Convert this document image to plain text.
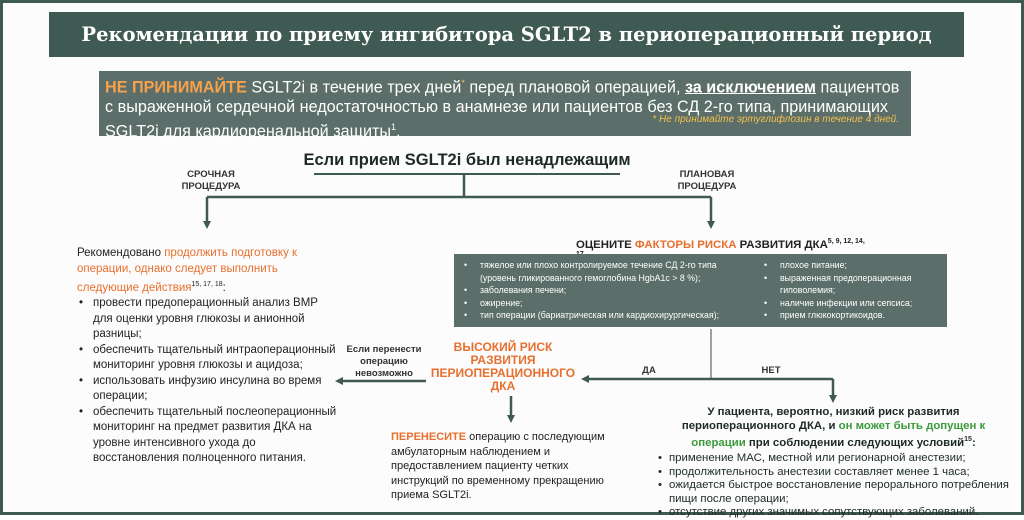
Рекомендации по приему ингибитора SGLT2 в периоперационный период
НЕ ПРИНИМАЙТЕ SGLT2i в течение трех дней* перед плановой операцией, за исключением пациентов с выраженной сердечной недостаточностью в анамнезе или пациентов без СД 2-го типа, принимающих SGLT2i для кардиоренальной защиты$^1$.
* Не принимайте эртуглифлозин в течение 4 дней.
Если прием SGLT2i был ненадлежащим
СРОЧНАЯ ПРОЦЕДУРА
ПЛАНОВАЯ ПРОЦЕДУРА
Рекомендовано продолжить подготовку к операции, однако следует выполнить следующие действия$^{15, 17, 18}$:
• провести предоперационный анализ BMP для оценки уровня глюкозы и анионной разницы;
• обеспечить тщательный интраоперационный мониторинг уровня глюкозы и ацидоза;
• использовать инфузию инсулина во время операции;
• обеспечить тщательный послеоперационный мониторинг на предмет развития ДКА на уровне интенсивного ухода до восстановления полноценного питания.
ОЦЕНИТЕ ФАКТОРЫ РИСКА РАЗВИТИЯ $ДКА^{5, 9, 12, 14,}$
• тяжелое или плохо контролируемое течение СД 2-го типа (уровень гликированного гемоглобина HgbA1c > 8 %);
• заболевания печени;
• ожирение;
• тип операции (бариатрическая или кардиохирургическая);
• плохое питание;
• выраженная предоперационная гиповолемия;
• наличие инфекции или сепсиса;
• прием глюкокортикоидов.
Если перенести операцию невозможно
ВЫСОКИЙ РИСК РАЗВИТИЯ ПЕРИОПЕРАЦИОННОГО ДКА
ДА	НЕТ
ПЕРЕНЕСИТЕ операцию с последующим амбулаторным наблюдением и предоставлением пациенту четких инструкций по временному прекращению приема SGLT2i.
У пациента, вероятно, низкий риск развития периоперационного ДКА, и он может быть допущен к операции при соблюдении следующих условий$^{15}$:
• применение МАС, местной или регионарной анестезии;
• продолжительность анестезии составляет менее 1 часа;
• ожидается быстрое восстановление перорального потребления пищи после операции;
• отсутствие других значимых сопутствующих заболеваний.
